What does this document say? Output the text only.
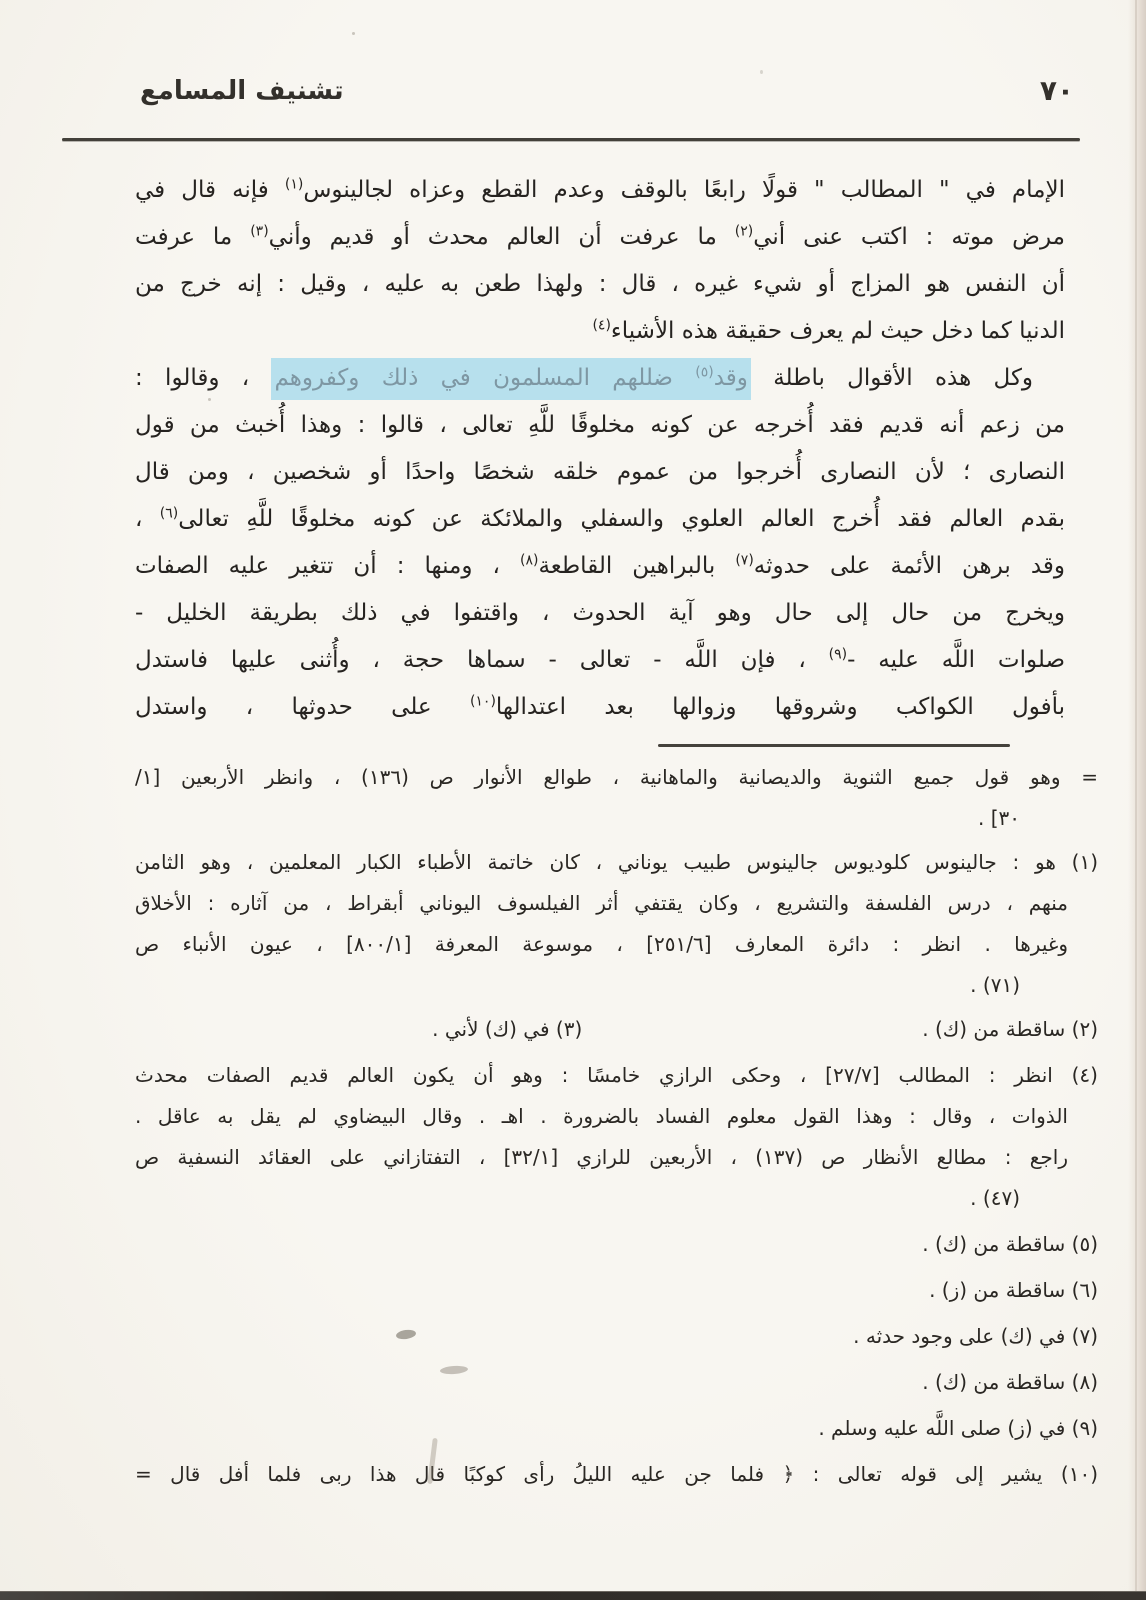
تشنيف المسامع	٧٠
الإمام في " المطالب " قولًا رابعًا بالوقف وعدم القطع وعزاه لجالينوس$^{(١)}$ فإنه قال في
مرض موته : اكتب عنى أني$^{(٢)}$ ما عرفت أن العالم محدث أو قديم وأني$^{(٣)}$ ما عرفت
أن النفس هو المزاج أو شيء غيره ، قال : ولهذا طعن به عليه ، وقيل : إنه خرج من
الدنيا كما دخل حيث لم يعرف حقيقة هذه الأشياء$^{(٤)}$
وكل هذه الأقوال باطلة وقد$^{(٥)}$ ضللهم المسلمون في ذلك وكفروهم ، وقالوا :
من زعم أنه قديم فقد أُخرجه عن كونه مخلوقًا للَّهِ تعالى ، قالوا : وهذا أُخبث من قول
النصارى ؛ لأن النصارى أُخرجوا من عموم خلقه شخصًا واحدًا أو شخصين ، ومن قال
بقدم العالم فقد أُخرج العالم العلوي والسفلي والملائكة عن كونه مخلوقًا للَّهِ تعالى$^{(٦)}$ ،
وقد برهن الأئمة على حدوثه$^{(٧)}$ بالبراهين القاطعة$^{(٨)}$ ، ومنها : أن تتغير عليه الصفات
ويخرج من حال إلى حال وهو آية الحدوث ، واقتفوا في ذلك بطريقة الخليل -
صلوات اللَّه عليه -$^{(٩)}$ ، فإن اللَّه - تعالى - سماها حجة ، وأُثنى عليها فاستدل
بأفول الكواكب وشروقها وزوالها بعد اعتدالها$^{(١٠)}$ على حدوثها ، واستدل
= وهو قول جميع الثنوية والديصانية والماهانية ، طوالع الأنوار ص (١٣٦) ، وانظر الأربعين [١/
٣٠] .
(١) هو : جالينوس كلوديوس جالينوس طبيب يوناني ، كان خاتمة الأطباء الكبار المعلمين ، وهو الثامن
منهم ، درس الفلسفة والتشريع ، وكان يقتفي أثر الفيلسوف اليوناني أبقراط ، من آثاره : الأخلاق
وغيرها . انظر : دائرة المعارف [٢٥١/٦] ، موسوعة المعرفة [٨٠٠/١] ، عيون الأنباء ص
(٧١) .
(٢) ساقطة من (ك) .
(٣) في (ك) لأني .
(٤) انظر : المطالب [٢٧/٧] ، وحكى الرازي خامسًا : وهو أن يكون العالم قديم الصفات محدث
الذوات ، وقال : وهذا القول معلوم الفساد بالضرورة . اهـ . وقال البيضاوي لم يقل به عاقل .
راجع : مطالع الأنظار ص (١٣٧) ، الأربعين للرازي [٣٢/١] ، التفتازاني على العقائد النسفية ص
(٤٧) .
(٥) ساقطة من (ك) .
(٦) ساقطة من (ز) .
(٧) في (ك) على وجود حدثه .
(٨) ساقطة من (ك) .
(٩) في (ز) صلى اللَّه عليه وسلم .
(١٠) يشير إلى قوله تعالى : ﴿ فلما جن عليه الليلُ رأى كوكبًا قال هذا ربى فلما أفل قال =
